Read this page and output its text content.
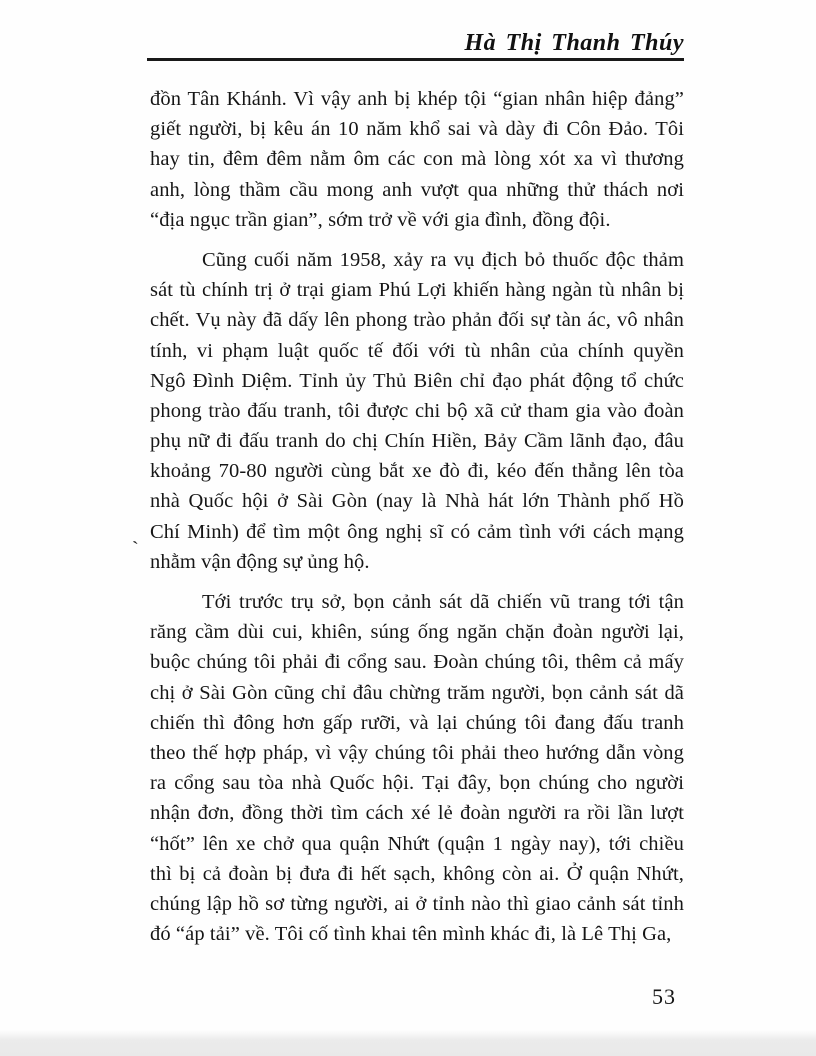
Hà Thị Thanh Thúy
đồn Tân Khánh. Vì vậy anh bị khép tội “gian nhân hiệp đảng”
giết người, bị kêu án 10 năm khổ sai và dày đi Côn Đảo. Tôi
hay tin, đêm đêm nằm ôm các con mà lòng xót xa vì thương
anh, lòng thầm cầu mong anh vượt qua những thử thách nơi
“địa ngục trần gian”, sớm trở về với gia đình, đồng đội.
Cũng cuối năm 1958, xảy ra vụ địch bỏ thuốc độc thảm
sát tù chính trị ở trại giam Phú Lợi khiến hàng ngàn tù nhân bị
chết. Vụ này đã dấy lên phong trào phản đối sự tàn ác, vô nhân
tính, vi phạm luật quốc tế đối với tù nhân của chính quyền
Ngô Đình Diệm. Tỉnh ủy Thủ Biên chỉ đạo phát động tổ chức
phong trào đấu tranh, tôi được chi bộ xã cử tham gia vào đoàn
phụ nữ đi đấu tranh do chị Chín Hiền, Bảy Cầm lãnh đạo, đâu
khoảng 70-80 người cùng bắt xe đò đi, kéo đến thẳng lên tòa
nhà Quốc hội ở Sài Gòn (nay là Nhà hát lớn Thành phố Hồ
Chí Minh) để tìm một ông nghị sĩ có cảm tình với cách mạng
nhằm vận động sự ủng hộ.
Tới trước trụ sở, bọn cảnh sát dã chiến vũ trang tới tận
răng cầm dùi cui, khiên, súng ống ngăn chặn đoàn người lại,
buộc chúng tôi phải đi cổng sau. Đoàn chúng tôi, thêm cả mấy
chị ở Sài Gòn cũng chỉ đâu chừng trăm người, bọn cảnh sát dã
chiến thì đông hơn gấp rưỡi, và lại chúng tôi đang đấu tranh
theo thế hợp pháp, vì vậy chúng tôi phải theo hướng dẫn vòng
ra cổng sau tòa nhà Quốc hội. Tại đây, bọn chúng cho người
nhận đơn, đồng thời tìm cách xé lẻ đoàn người ra rồi lần lượt
“hốt” lên xe chở qua quận Nhứt (quận 1 ngày nay), tới chiều
thì bị cả đoàn bị đưa đi hết sạch, không còn ai. Ở quận Nhứt,
chúng lập hồ sơ từng người, ai ở tỉnh nào thì giao cảnh sát tỉnh
đó “áp tải” về. Tôi cố tình khai tên mình khác đi, là Lê Thị Ga,
ˋ
53
